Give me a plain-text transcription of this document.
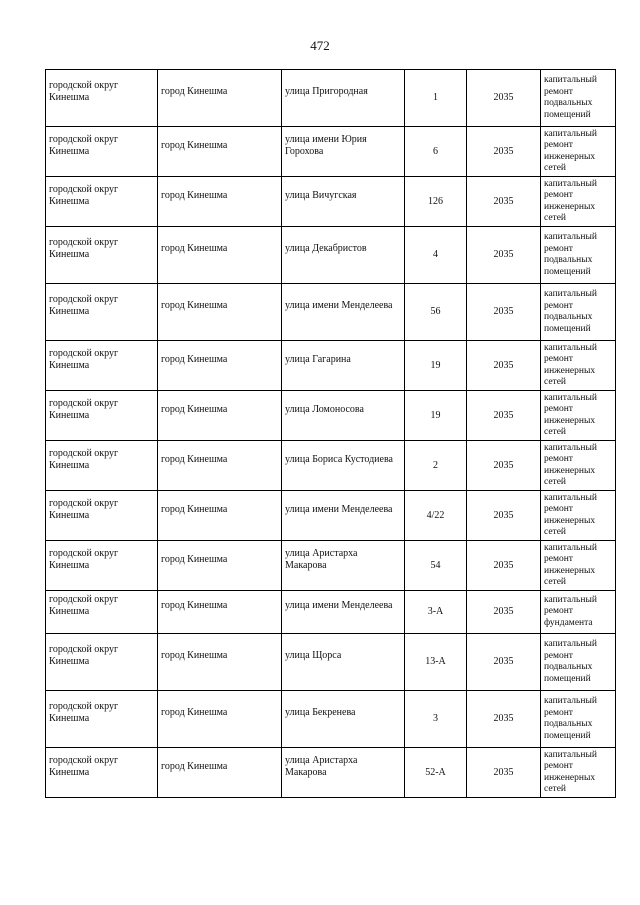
472
городской округ Кинешма	город Кинешма	улица Пригородная	1	2035	капитальный ремонт подвальных помещений

городской округ Кинешма	город Кинешма	улица имени Юрия Горохова	6	2035	капитальный ремонт инженерных сетей

городской округ Кинешма	город Кинешма	улица Вичугская	126	2035	капитальный ремонт инженерных сетей

городской округ Кинешма	город Кинешма	улица Декабристов	4	2035	капитальный ремонт подвальных помещений

городской округ Кинешма	город Кинешма	улица имени Менделеева	56	2035	капитальный ремонт подвальных помещений

городской округ Кинешма	город Кинешма	улица Гагарина	19	2035	капитальный ремонт инженерных сетей

городской округ Кинешма	город Кинешма	улица Ломоносова	19	2035	капитальный ремонт инженерных сетей

городской округ Кинешма	город Кинешма	улица Бориса Кустодиева	2	2035	капитальный ремонт инженерных сетей

городской округ Кинешма	город Кинешма	улица имени Менделеева	4/22	2035	капитальный ремонт инженерных сетей

городской округ Кинешма	город Кинешма	улица Аристарха Макарова	54	2035	капитальный ремонт инженерных сетей

городской округ Кинешма	город Кинешма	улица имени Менделеева	3-А	2035	капитальный ремонт фундамента

городской округ Кинешма	город Кинешма	улица Щорса	13-А	2035	капитальный ремонт подвальных помещений

городской округ Кинешма	город Кинешма	улица Бекренева	3	2035	капитальный ремонт подвальных помещений

городской округ Кинешма	город Кинешма	улица Аристарха Макарова	52-А	2035	капитальный ремонт инженерных сетей
